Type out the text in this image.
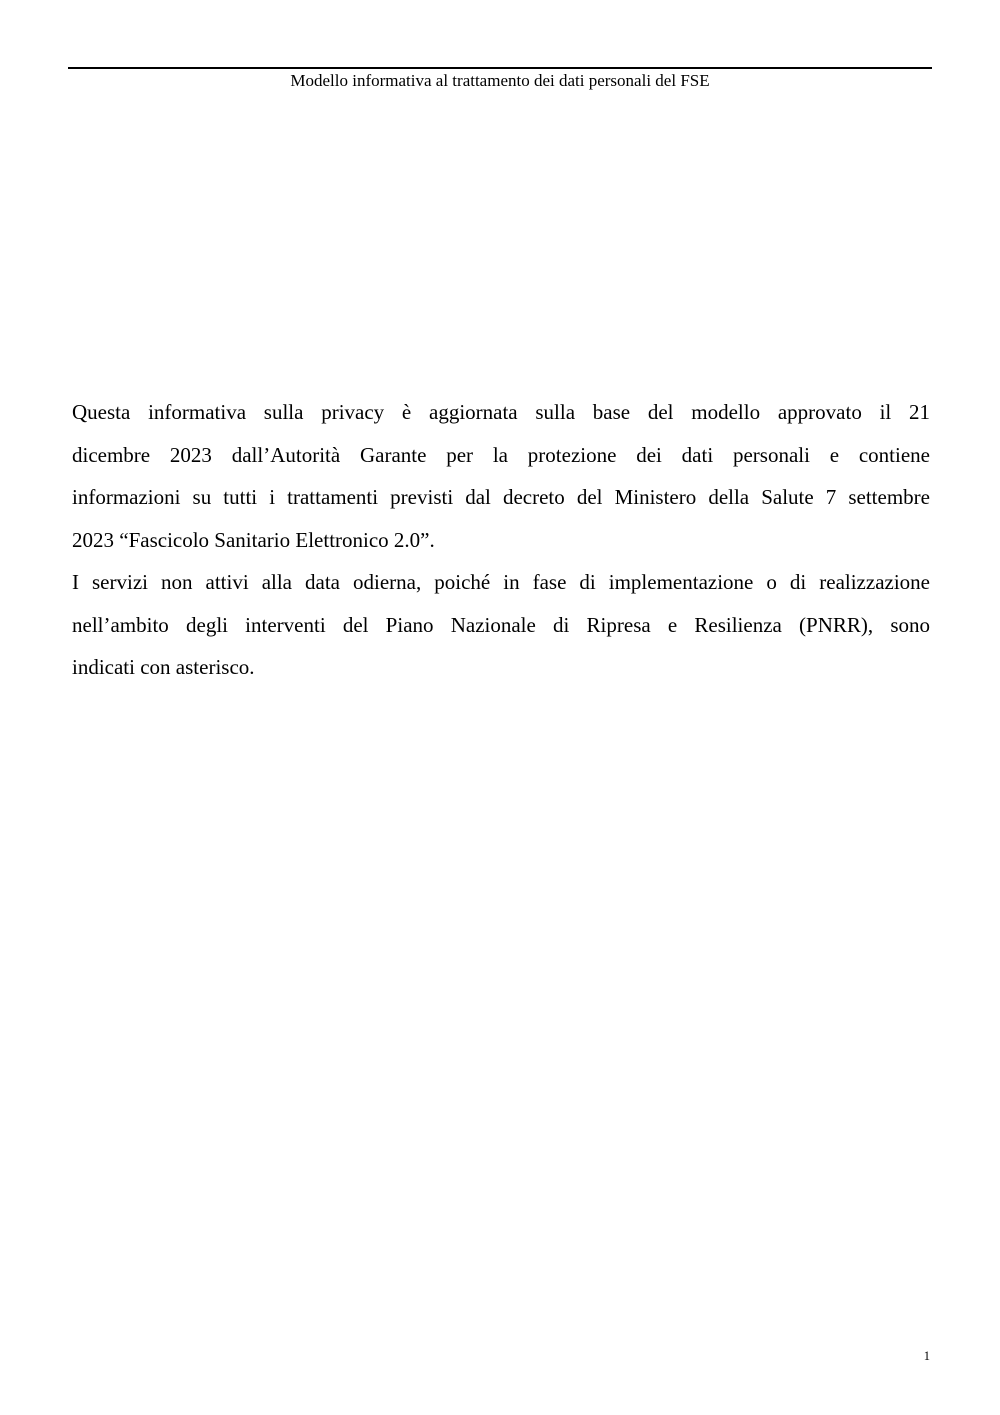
Modello informativa al trattamento dei dati personali del FSE
Questa informativa sulla privacy è aggiornata sulla base del modello approvato il 21
dicembre 2023 dall’Autorità Garante per la protezione dei dati personali e contiene
informazioni su tutti i trattamenti previsti dal decreto del Ministero della Salute 7 settembre
2023 “Fascicolo Sanitario Elettronico 2.0”.
I servizi non attivi alla data odierna, poiché in fase di implementazione o di realizzazione
nell’ambito degli interventi del Piano Nazionale di Ripresa e Resilienza (PNRR), sono
indicati con asterisco.
1
